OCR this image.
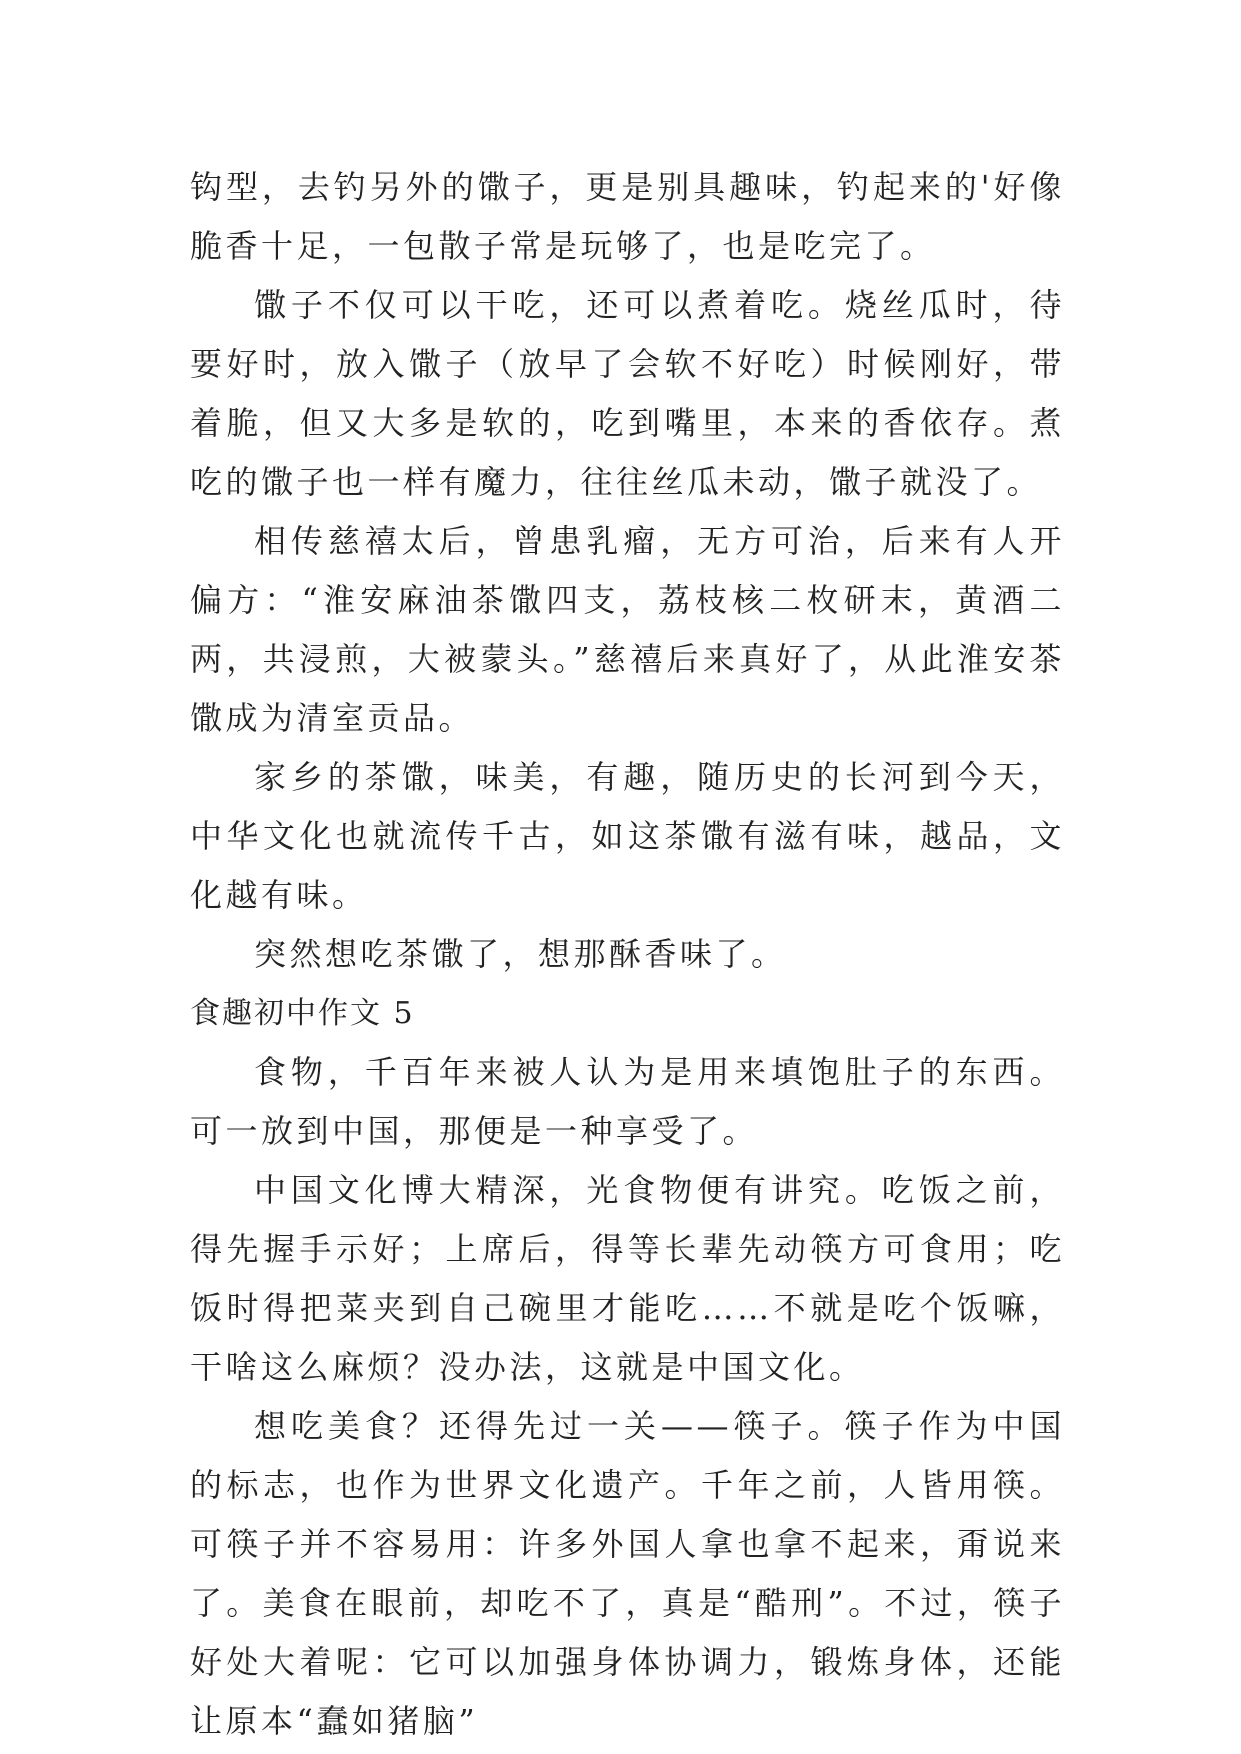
钩型，去钓另外的馓子，更是别具趣味，钓起来的'好像脆香十足，一包散子常是玩够了，也是吃完了。

馓子不仅可以干吃，还可以煮着吃。烧丝瓜时，待要好时，放入馓子（放早了会软不好吃）时候刚好，带着脆，但又大多是软的，吃到嘴里，本来的香依存。煮吃的馓子也一样有魔力，往往丝瓜未动，馓子就没了。

相传慈禧太后，曾患乳瘤，无方可治，后来有人开偏方：“淮安麻油茶馓四支，荔枝核二枚研末，黄酒二两，共浸煎，大被蒙头。”慈禧后来真好了，从此淮安茶馓成为清室贡品。

家乡的茶馓，味美，有趣，随历史的长河到今天，中华文化也就流传千古，如这茶馓有滋有味，越品，文化越有味。

突然想吃茶馓了，想那酥香味了。

食趣初中作文 5

食物，千百年来被人认为是用来填饱肚子的东西。可一放到中国，那便是一种享受了。

中国文化博大精深，光食物便有讲究。吃饭之前，得先握手示好；上席后，得等长辈先动筷方可食用；吃饭时得把菜夹到自己碗里才能吃……不就是吃个饭嘛，干啥这么麻烦？没办法，这就是中国文化。

想吃美食？还得先过一关——筷子。筷子作为中国的标志，也作为世界文化遗产。千年之前，人皆用筷。可筷子并不容易用：许多外国人拿也拿不起来，甭说来了。美食在眼前，却吃不了，真是“酷刑”。不过，筷子好处大着呢：它可以加强身体协调力，锻炼身体，还能让原本“蠢如猪脑”
